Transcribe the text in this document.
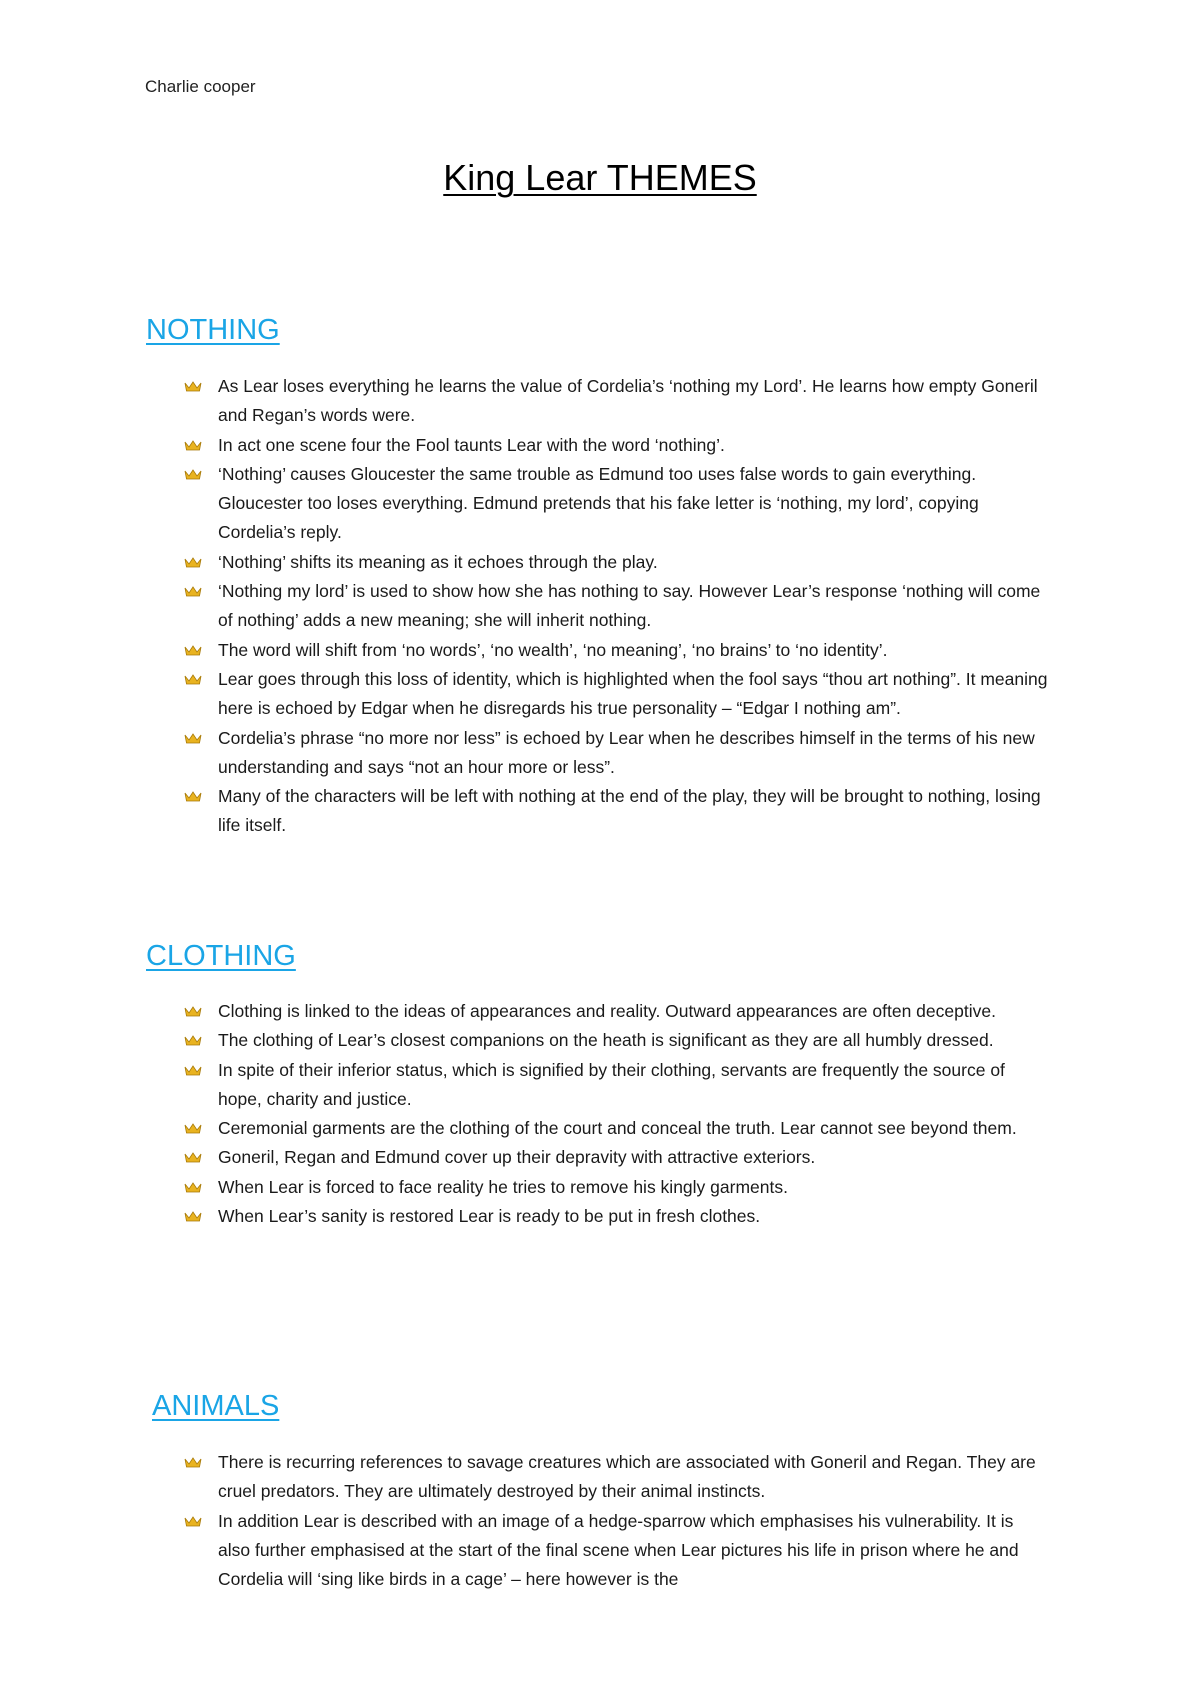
Charlie cooper
King Lear THEMES
NOTHING
As Lear loses everything he learns the value of Cordelia’s ‘nothing my Lord’. He learns how empty Goneril and Regan’s words were.
In act one scene four the Fool taunts Lear with the word ‘nothing’.
‘Nothing’ causes Gloucester the same trouble as Edmund too uses false words to gain everything. Gloucester too loses everything. Edmund pretends that his fake letter is ‘nothing, my lord’, copying Cordelia’s reply.
‘Nothing’ shifts its meaning as it echoes through the play.
‘Nothing my lord’ is used to show how she has nothing to say. However Lear’s response ‘nothing will come of nothing’ adds a new meaning; she will inherit nothing.
The word will shift from ‘no words’, ‘no wealth’, ‘no meaning’, ‘no brains’ to ‘no identity’.
Lear goes through this loss of identity, which is highlighted when the fool says “thou art nothing”. It meaning here is echoed by Edgar when he disregards his true personality – “Edgar I nothing am”.
Cordelia’s phrase “no more nor less” is echoed by Lear when he describes himself in the terms of his new understanding and says “not an hour more or less”.
Many of the characters will be left with nothing at the end of the play, they will be brought to nothing, losing life itself.
CLOTHING
Clothing is linked to the ideas of appearances and reality. Outward appearances are often deceptive.
The clothing of Lear’s closest companions on the heath is significant as they are all humbly dressed.
In spite of their inferior status, which is signified by their clothing, servants are frequently the source of hope, charity and justice.
Ceremonial garments are the clothing of the court and conceal the truth. Lear cannot see beyond them.
Goneril, Regan and Edmund cover up their depravity with attractive exteriors.
When Lear is forced to face reality he tries to remove his kingly garments.
When Lear’s sanity is restored Lear is ready to be put in fresh clothes.
ANIMALS
There is recurring references to savage creatures which are associated with Goneril and Regan. They are cruel predators. They are ultimately destroyed by their animal instincts.
In addition Lear is described with an image of a hedge-sparrow which emphasises his vulnerability. It is also further emphasised at the start of the final scene when Lear pictures his life in prison where he and Cordelia will ‘sing like birds in a cage’ – here however is the
